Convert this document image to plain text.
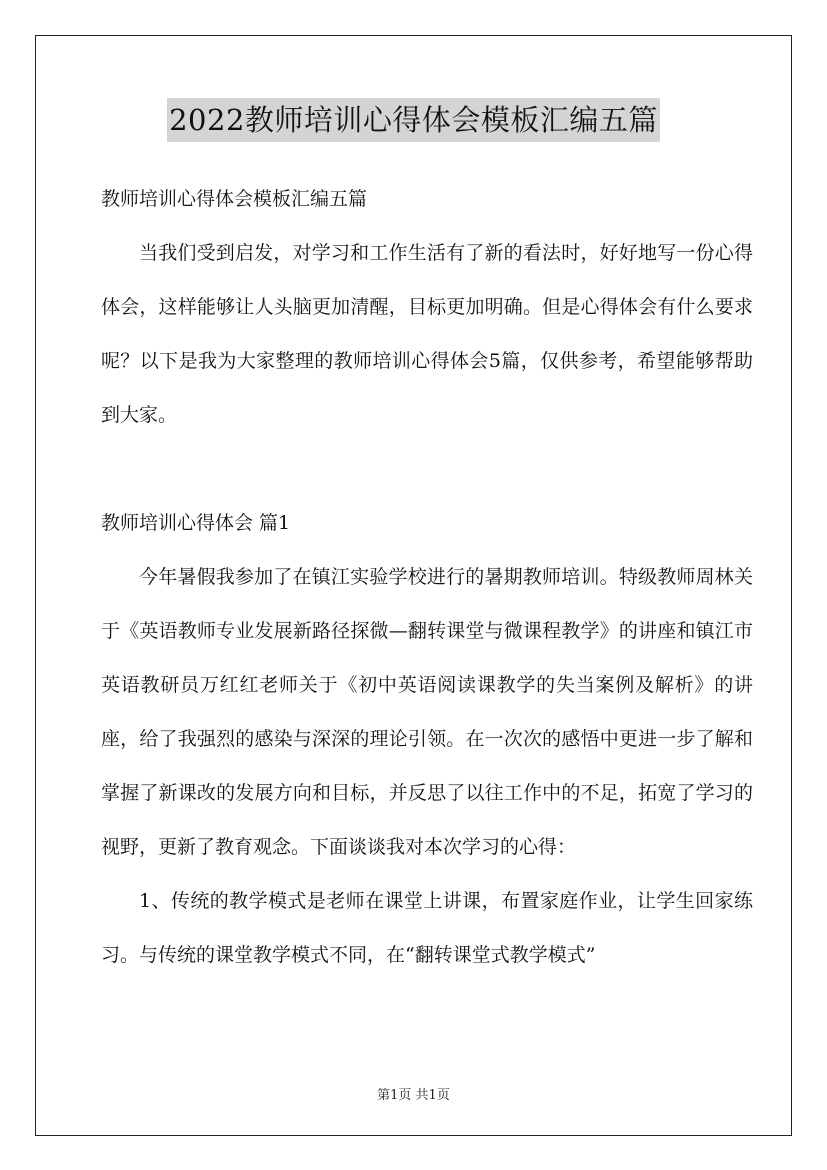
2022教师培训心得体会模板汇编五篇

教师培训心得体会模板汇编五篇

当我们受到启发，对学习和工作生活有了新的看法时，好好地写一份心得体会，这样能够让人头脑更加清醒，目标更加明确。但是心得体会有什么要求呢？以下是我为大家整理的教师培训心得体会5篇，仅供参考，希望能够帮助到大家。

教师培训心得体会 篇1

今年暑假我参加了在镇江实验学校进行的暑期教师培训。特级教师周林关于《英语教师专业发展新路径探微—翻转课堂与微课程教学》的讲座和镇江市英语教研员万红红老师关于《初中英语阅读课教学的失当案例及解析》的讲座，给了我强烈的感染与深深的理论引领。在一次次的感悟中更进一步了解和掌握了新课改的发展方向和目标，并反思了以往工作中的不足，拓宽了学习的视野，更新了教育观念。下面谈谈我对本次学习的心得：

1、传统的教学模式是老师在课堂上讲课，布置家庭作业，让学生回家练习。与传统的课堂教学模式不同，在“翻转课堂式教学模式”

第1页 共1页
